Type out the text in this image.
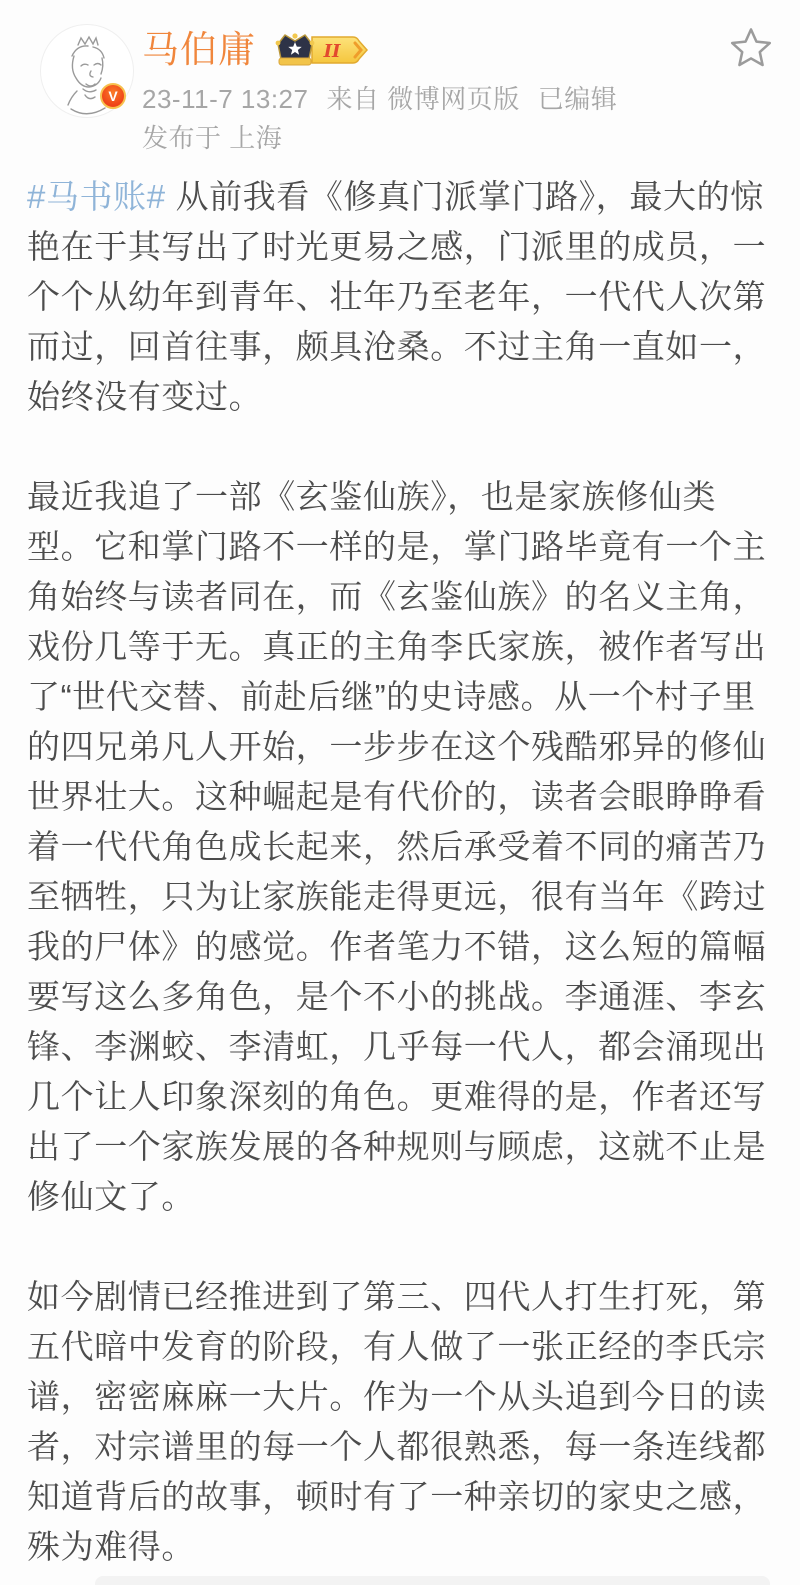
V
马伯庸	II
23-11-7 13:27 来自 微博网页版 已编辑
发布于 上海

#马书账# 从前我看《修真门派掌门路》，最大的惊艳在于其写出了时光更易之感，门派里的成员，一个个从幼年到青年、壮年乃至老年，一代代人次第而过，回首往事，颇具沧桑。不过主角一直如一，始终没有变过。

最近我追了一部《玄鉴仙族》，也是家族修仙类型。它和掌门路不一样的是，掌门路毕竟有一个主角始终与读者同在，而《玄鉴仙族》的名义主角，戏份几等于无。真正的主角李氏家族，被作者写出了“世代交替、前赴后继”的史诗感。从一个村子里的四兄弟凡人开始，一步步在这个残酷邪异的修仙世界壮大。这种崛起是有代价的，读者会眼睁睁看着一代代角色成长起来，然后承受着不同的痛苦乃至牺牲，只为让家族能走得更远，很有当年《跨过我的尸体》的感觉。作者笔力不错，这么短的篇幅要写这么多角色，是个不小的挑战。李通涯、李玄锋、李渊蛟、李清虹，几乎每一代人，都会涌现出几个让人印象深刻的角色。更难得的是，作者还写出了一个家族发展的各种规则与顾虑，这就不止是修仙文了。

如今剧情已经推进到了第三、四代人打生打死，第五代暗中发育的阶段，有人做了一张正经的李氏宗谱，密密麻麻一大片。作为一个从头追到今日的读者，对宗谱里的每一个人都很熟悉，每一条连线都知道背后的故事，顿时有了一种亲切的家史之感，殊为难得。
